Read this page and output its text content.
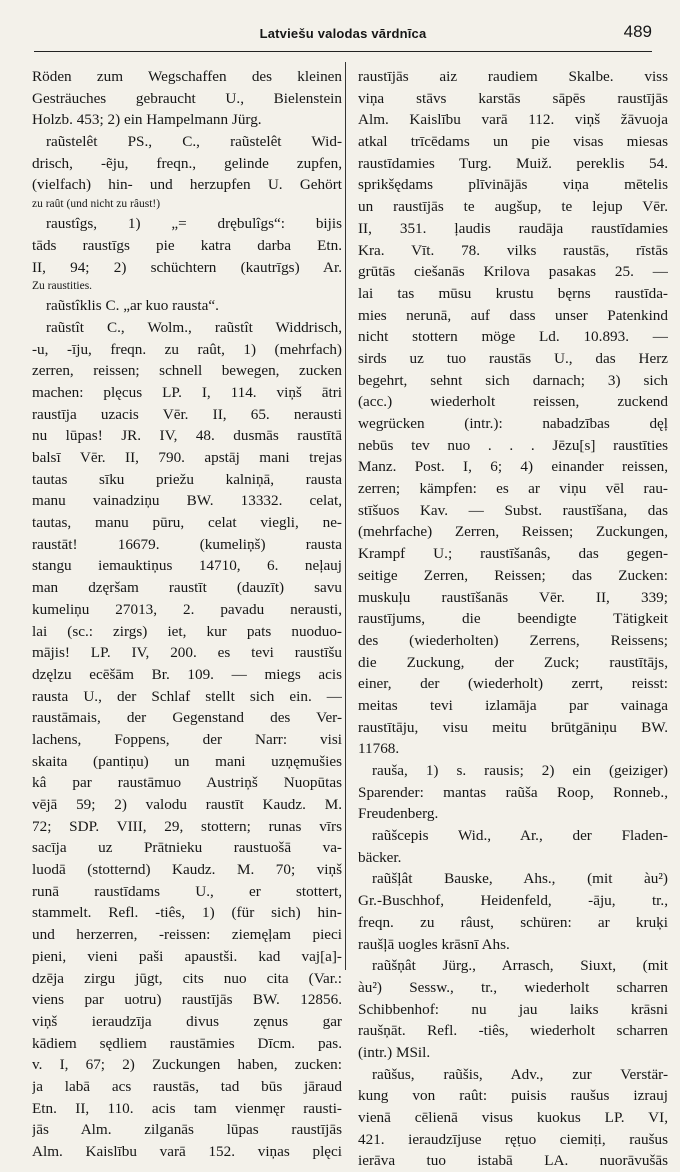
Latviešu valodas vārdnīca	489
Röden zum Wegschaffen des kleinen
Gesträuches gebraucht U., Bielenstein
Holzb. 453; 2) ein Hampelmann Jürg.
raũstelêt PS., C., raũstelêt Wid-
drisch, -ẽju, freqn., gelinde zupfen,
(vielfach) hin- und herzupfen U. Gehört
zu raût (und nicht zu râust!)
raustîgs, 1) „= drębulîgs“: bijis
tāds raustīgs pie katra darba Etn.
II, 94; 2) schüchtern (kautrīgs) Ar.
Zu raustities.
raũstîklis C. „ar kuo rausta“.
raũstît C., Wolm., raũstît Widdrisch,
-u, -īju, freqn. zu raût, 1) (mehrfach)
zerren, reissen; schnell bewegen, zucken
machen: plęcus LP. I, 114. viņš ātri
raustīja uzacis Vēr. II, 65. nerausti
nu lūpas! JR. IV, 48. dusmās raustītā
balsī Vēr. II, 790. apstāj mani trejas
tautas sīku priežu kalniņā, rausta
manu vainadziņu BW. 13332. celat,
tautas, manu pūru, celat viegli, ne-
raustāt! 16679. (kumeliņš) rausta
stangu iemauktiņus 14710, 6. neļauj
man dzęršam raustīt (dauzīt) savu
kumeliņu 27013, 2. pavadu nerausti,
lai (sc.: zirgs) iet, kur pats nuoduo-
mājis! LP. IV, 200. es tevi raustīšu
dzęlzu ecēšām Br. 109. — miegs acis
rausta U., der Schlaf stellt sich ein. —
raustāmais, der Gegenstand des Ver-
lachens, Foppens, der Narr: visi
skaita (pantiņu) un mani uzņęmušies
kâ par raustāmuo Austriņš Nuopūtas
vējā 59; 2) valodu raustīt Kaudz. M.
72; SDP. VIII, 29, stottern; runas vīrs
sacīja uz Prātnieku raustuošā va-
luodā (stotternd) Kaudz. M. 70; viņš
runā raustīdams U., er stottert,
stammelt. Refl. -tiês, 1) (für sich) hin-
und herzerren, -reissen: ziemęļam pieci
pieni, vieni paši apaustši. kad vaj[a]-
dzēja zirgu jūgt, cits nuo cita (Var.:
viens par uotru) raustījās BW. 12856.
viņš ieraudzīja divus zęnus gar
kādiem sędliem raustāmies Dīcm. pas.
v. I, 67; 2) Zuckungen haben, zucken:
ja labā acs raustās, tad būs jāraud
Etn. II, 110. acis tam vienmęr rausti-
jās Alm. zilganās lūpas raustījās
Alm. Kaislību varā 152. viņas plęci
raustījās aiz raudiem Skalbe. viss
viņa stāvs karstās sāpēs raustījās
Alm. Kaislību varā 112. viņš žāvuoja
atkal trīcēdams un pie visas miesas
raustīdamies Turg. Muiž. pereklis 54.
sprikšędams plīvinājās viņa mētelis
un raustījās te augšup, te lejup Vēr.
II, 351. ļaudis raudāja raustīdamies
Kra. Vīt. 78. vilks raustās, rīstās
grūtās ciešanās Krilova pasakas 25. —
lai tas mūsu krustu bęrns raustīda-
mies nerunā, auf dass unser Patenkind
nicht stottern möge Ld. 10.893. —
sirds uz tuo raustās U., das Herz
begehrt, sehnt sich darnach; 3) sich
(acc.) wiederholt reissen, zuckend
wegrücken (intr.): nabadzības dęļ
nebūs tev nuo . . . Jēzu[s] raustīties
Manz. Post. I, 6; 4) einander reissen,
zerren; kämpfen: es ar viņu vēl rau-
stīšuos Kav. — Subst. raustīšana, das
(mehrfache) Zerren, Reissen; Zuckungen,
Krampf U.; raustīšanâs, das gegen-
seitige Zerren, Reissen; das Zucken:
muskuļu raustīšanās Vēr. II, 339;
raustījums, die beendigte Tätigkeit
des (wiederholten) Zerrens, Reissens;
die Zuckung, der Zuck; raustītājs,
einer, der (wiederholt) zerrt, reisst:
meitas tevi izlamāja par vainaga
raustītāju, visu meitu brūtgāniņu BW.
11768.
rauša, 1) s. rausis; 2) ein (geiziger)
Sparender: mantas raũša Roop, Ronneb.,
Freudenberg.
raũšcepis Wid., Ar., der Fladen-
bäcker.
raũšļât Bauske, Ahs., (mit àu²)
Gr.-Buschhof, Heidenfeld, -āju, tr.,
freqn. zu râust, schüren: ar kruķi
raušļā uogles krāsnī Ahs.
raũšņât Jürg., Arrasch, Siuxt, (mit
àu²) Sessw., tr., wiederholt scharren
Schibbenhof: nu jau laiks krāsni
raušņāt. Refl. -tiês, wiederholt scharren
(intr.) MSil.
raũšus, raũšis, Adv., zur Verstär-
kung von raût: puisis raušus izrauj
vienā cēlienā visus kuokus LP. VI,
421. ieraudzījuse ręṭuo ciemiṭi, raušus
ierāva tuo istabā LA. nuorāvušās
